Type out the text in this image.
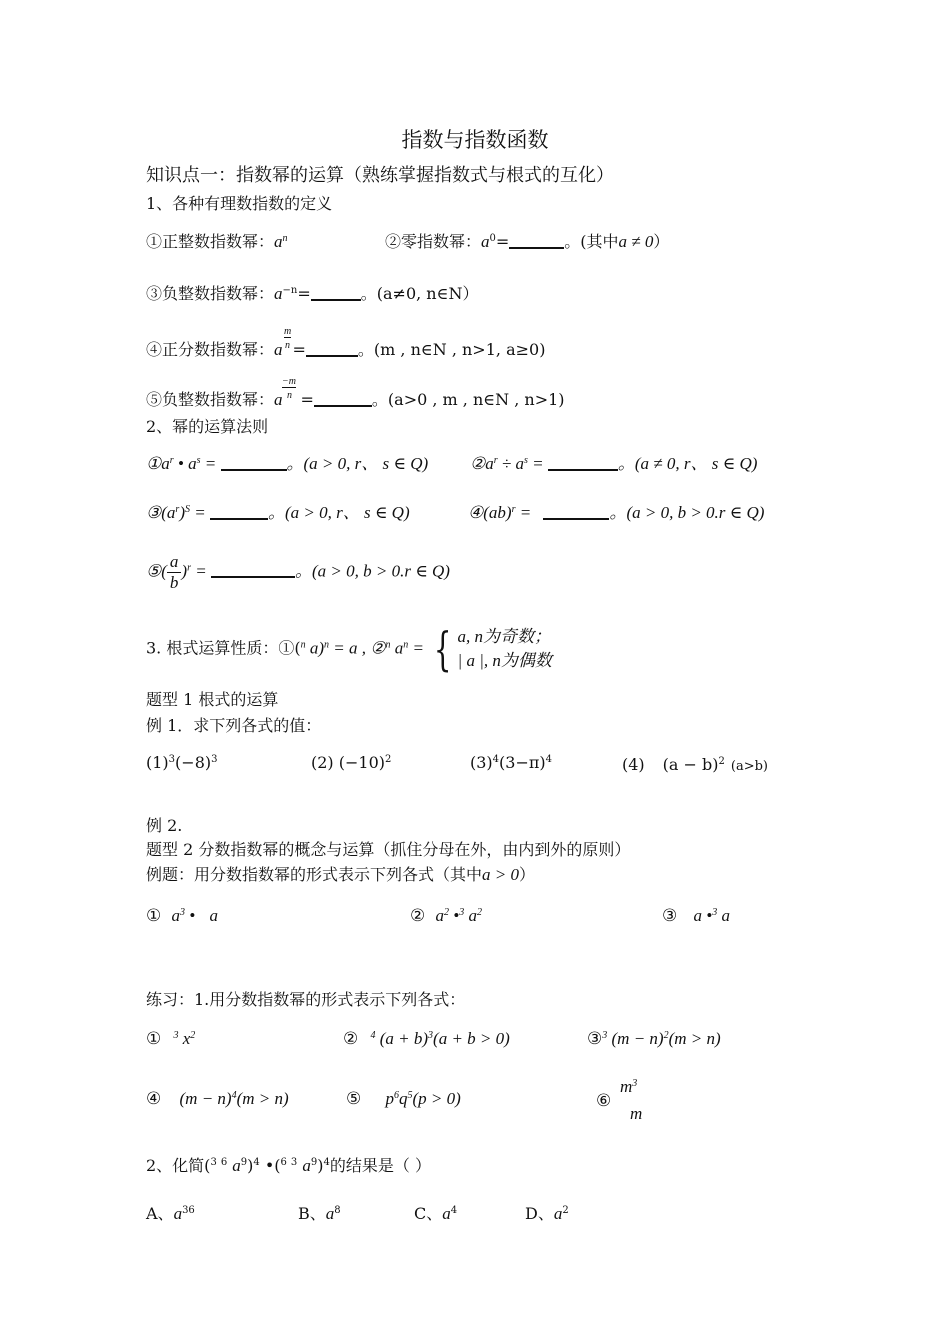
指数与指数函数
知识点一：指数幂的运算（熟练掌握指数式与根式的互化）
1、各种有理数指数的定义
①正整数指数幂：$a^n$	②零指数幂：$a^0=$	。(其中a ≠ 0）
③负整数指数幂：$a^{-n}=$	。(a≠0, n∈N）
④正分数指数幂：a
m
n =	。(m , n∈N , n>1, a≥0)
⑤负整数指数幂：a
−m
n =	。(a>0 , m , n∈N , n>1)
2、幂的运算法则
$①a^r$ • $a^s$ =	。(a > 0, r、 s ∈ Q) $②a^r \div a^s$ =	。(a ≠ 0, r、 s ∈ Q)
$③(a^r)^S$ =	。(a > 0, r、 s ∈ Q)	④(ab)$^r$ =	。(a > 0, b > 0.r ∈ Q)
⑤( $\frac{a}{b} )^r$ =	。(a > 0, b > 0.r ∈ Q)
3. 根式运算性质：①($^n$ a)$^n$ = a , ②$^n$ $a^n$ = { a, n为奇数；
| a |, n为偶数
题型 1 根式的运算
例 1．求下列各式的值：
$(1)^3(-8)^3$	(2) $(-10)^2$	$(3)^4(3-\pi)^4$	(4) $(a - b)^2$ (a>b)
例 2.
题型 2 分数指数幂的概念与运算（抓住分母在外，由内到外的原则）
例题：用分数指数幂的形式表示下列各式（其中a > 0）
① $a^3$ • a	② $a^2$ •$^3$ $a^2$	③ a •$^3$ a
练习：1.用分数指数幂的形式表示下列各式：
① $^3$ $x^2$	② $^4$ $(a + b)^3(a + b > 0)$	③$^3$ $(m - n)^2(m > n)$
④ $(m - n)^4(m > n)$	⑤ $p^6q^5(p > 0)$	⑥
$m^3$
m
2、化简($^3$ $^6$ $a^9)^4$ •($^6$ $^3$ $a^9)^4$的结果是（ ）
A、$a^{36}$	B、$a^8$	C、$a^4$	D、$a^2$
